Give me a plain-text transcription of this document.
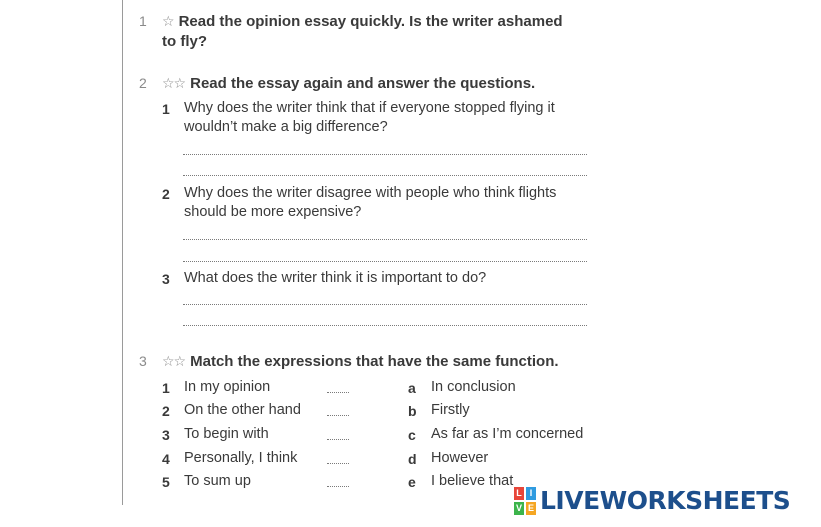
1 ☆ Read the opinion essay quickly. Is the writer ashamed
to fly?
2 ☆☆ Read the essay again and answer the questions.
1 Why does the writer think that if everyone stopped flying it
wouldn’t make a big difference?
2 Why does the writer disagree with people who think flights
should be more expensive?
3 What does the writer think it is important to do?
3 ☆☆ Match the expressions that have the same function.
1 In my opinion	a In conclusion
2 On the other hand	b Firstly
3 To begin with	c As far as I’m concerned
4 Personally, I think	d However
5 To sum up	e I believe that
L I
V E LIVEWORKSHEETS
